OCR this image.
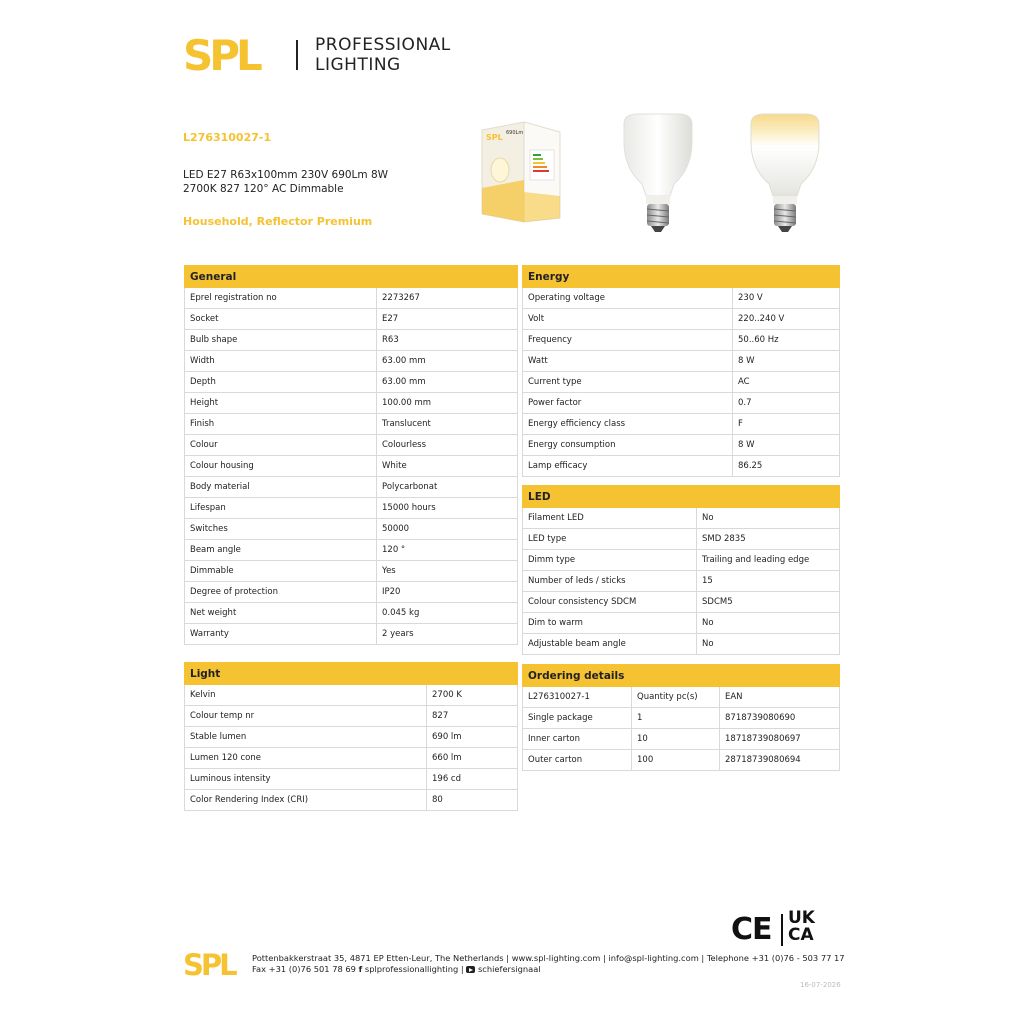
SPL	PROFESSIONAL
LIGHTING
L276310027-1
LED E27 R63x100mm 230V 690Lm 8W
2700K 827 120° AC Dimmable
Household, Reflector Premium
SPL 690Lm
General	
Eprel registration no	2273267
Socket	E27
Bulb shape	R63
Width	63.00 mm
Depth	63.00 mm
Height	100.00 mm
Finish	Translucent
Colour	Colourless
Colour housing	White
Body material	Polycarbonat
Lifespan	15000 hours
Switches	50000
Beam angle	120 °
Dimmable	Yes
Degree of protection	IP20
Net weight	0.045 kg
Warranty	2 years
Energy	
Operating voltage	230 V
Volt	220..240 V
Frequency	50..60 Hz
Watt	8 W
Current type	AC
Power factor	0.7
Energy efficiency class	F
Energy consumption	8 W
Lamp efficacy	86.25
LED	
Filament LED	No
LED type	SMD 2835
Dimm type	Trailing and leading edge
Number of leds / sticks	15
Colour consistency SDCM	SDCM5
Dim to warm	No
Adjustable beam angle	No
Light	
Kelvin	2700 K
Colour temp nr	827
Stable lumen	690 lm
Lumen 120 cone	660 lm
Luminous intensity	196 cd
Color Rendering Index (CRI)	80
Ordering details		
L276310027-1	Quantity pc(s)	EAN
Single package	1	8718739080690
Inner carton	10	18718739080697
Outer carton	100	28718739080694
CE UK
CA
SPL	Pottenbakkerstraat 35, 4871 EP Etten-Leur, The Netherlands | www.spl-lighting.com | info@spl-lighting.com | Telephone +31 (0)76 - 503 77 17
Fax +31 (0)76 501 78 69 f splprofessionallighting | schiefersignaal
16-07-2026
